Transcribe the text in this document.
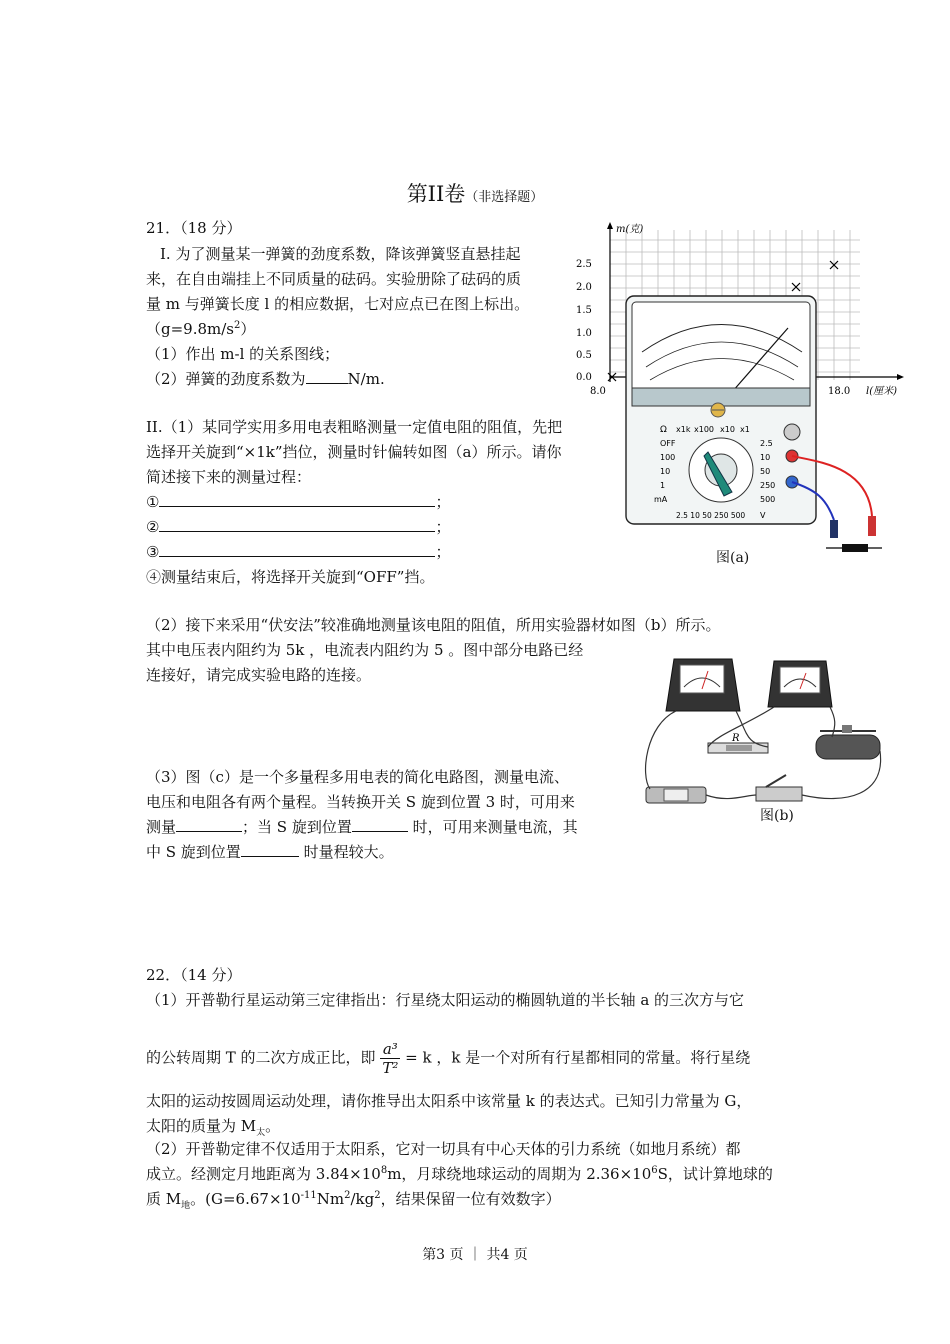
第II卷（非选择题）
21．（18 分）
I. 为了测量某一弹簧的劲度系数，降该弹簧竖直悬挂起
来，在自由端挂上不同质量的砝码。实验册除了砝码的质
量 m 与弹簧长度 l 的相应数据，七对应点已在图上标出。
$(g=9.8m/s^2)$
（1）作出 m-l 的关系图线；
（2）弹簧的劲度系数为	N/m.
II.（1）某同学实用多用电表粗略测量一定值电阻的阻值，先把
选择开关旋到“×1k”挡位，测量时针偏转如图（a）所示。请你
简述接下来的测量过程：
①	；
②	；
③	；
④测量结束后，将选择开关旋到“OFF”挡。
（2）接下来采用“伏安法”较准确地测量该电阻的阻值，所用实验器材如图（b）所示。
其中电压表内阻约为 5k ，电流表内阻约为 5 。图中部分电路已经
连接好，请完成实验电路的连接。
（3）图（c）是一个多量程多用电表的简化电路图，测量电流、
电压和电阻各有两个量程。当转换开关 S 旋到位置 3 时，可用来
测量	；当 S 旋到位置	时，可用来测量电流，其
中 S 旋到位置	时量程较大。
m(克)
l(厘米)
2.5
2.0
1.5
1.0
0.5
0.0
8.0	18.0
Ω x1k x100 x10 x1
OFF
100
10
1
mA
2.5
10
50
250
500
V
2.5 10 50 250 500
图(a)
R
图(b)
22．（14 分）
（1）开普勒行星运动第三定律指出：行星绕太阳运动的椭圆轨道的半长轴 a 的三次方与它
的公转周期 T 的二次方成正比，即 $\frac{\text{a³}}{\text{T²}} = k$ ，k 是一个对所有行星都相同的常量。将行星绕
太阳的运动按圆周运动处理，请你推导出太阳系中该常量 k 的表达式。已知引力常量为 G，
太阳的质量为 $M_太$。
（2）开普勒定律不仅适用于太阳系，它对一切具有中心天体的引力系统（如地月系统）都
成立。经测定月地距离为 $3.84\times 10^8m$，月球绕地球运动的周期为 $2.36\times 10^6S$，试计算地球的
质 $M_地$。($G=6.67\times 10^{-11}Nm^2/kg^2$，结果保留一位有效数字）
第3 页 ｜ 共4 页
